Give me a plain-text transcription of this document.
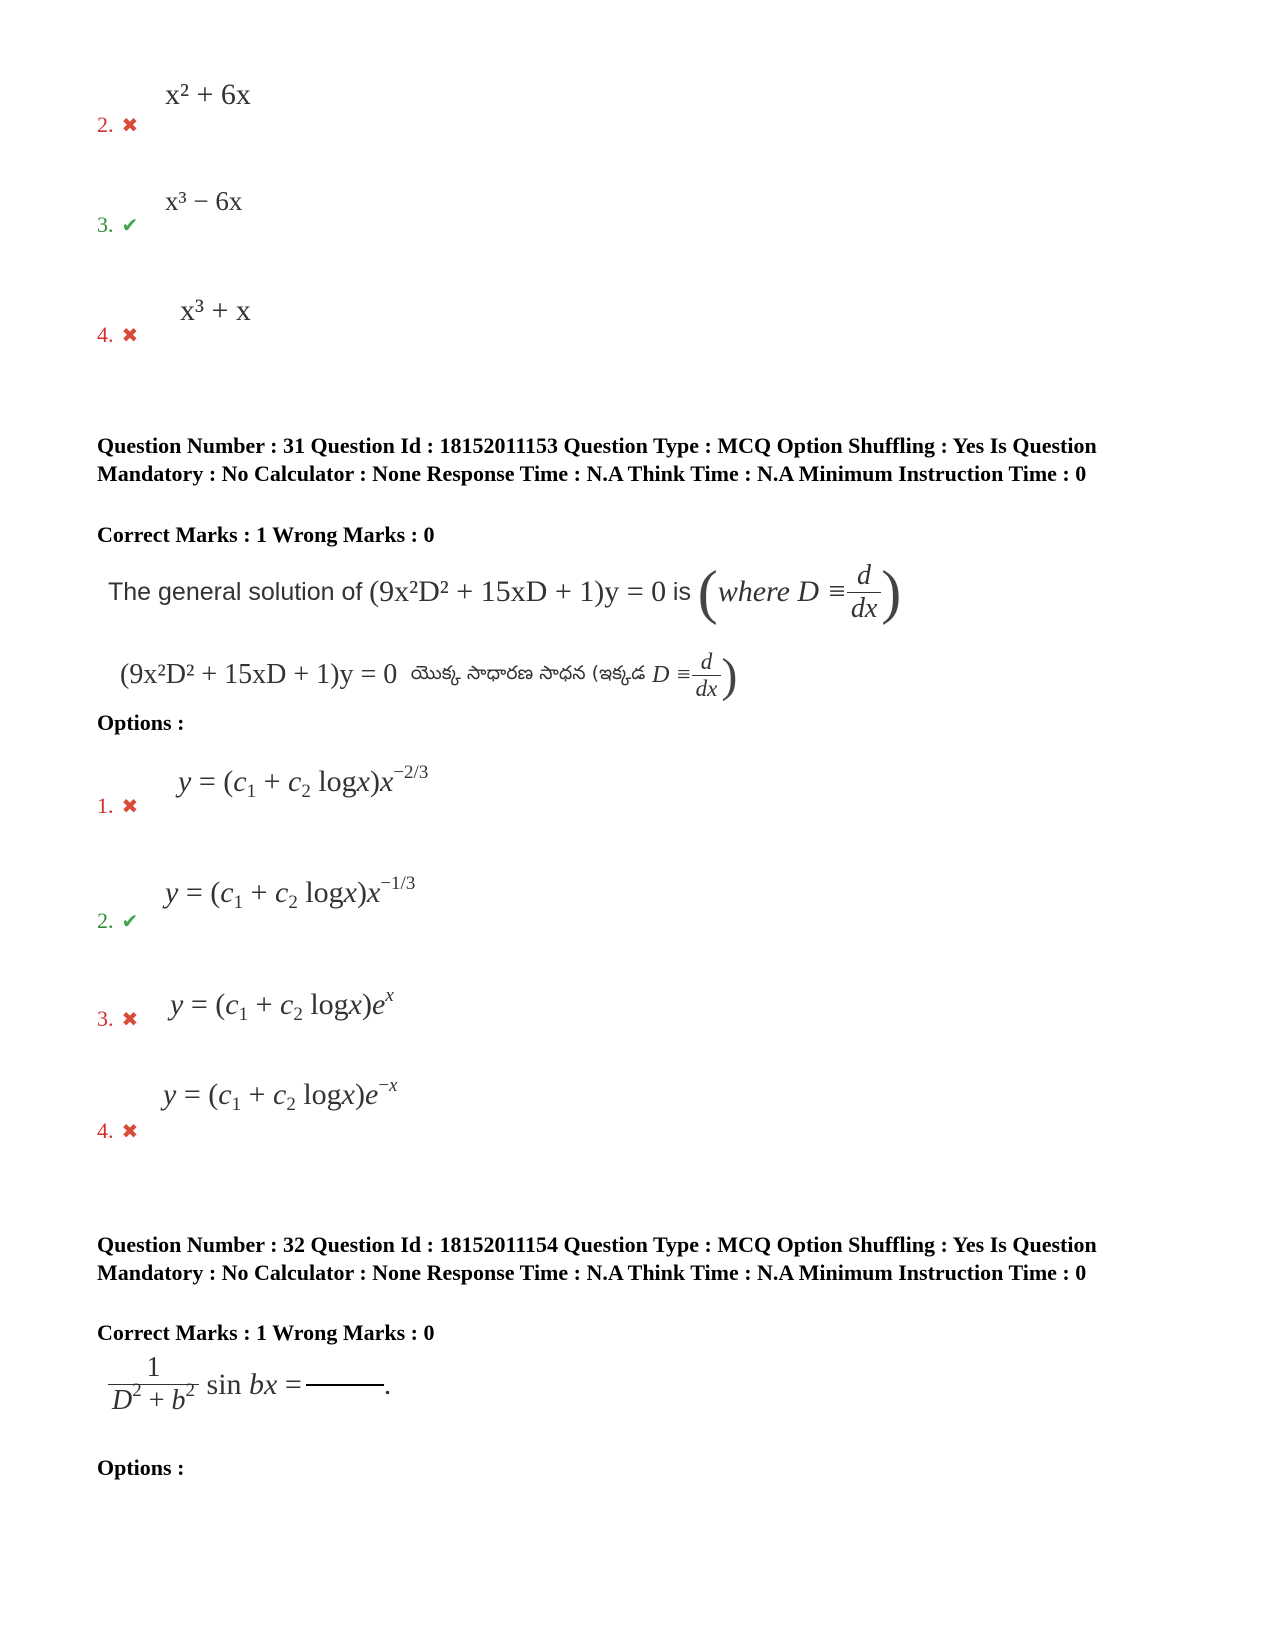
x² + 6x
2. ✖
x³ − 6x
3. ✔
x³ + x
4. ✖
Question Number : 31 Question Id : 18152011153 Question Type : MCQ Option Shuffling : Yes Is Question Mandatory : No Calculator : None Response Time : N.A Think Time : N.A Minimum Instruction Time : 0
Correct Marks : 1 Wrong Marks : 0
The general solution of
(9x²D² + 15xD + 1)y = 0
is
( where $D \equiv \frac{d}{dx}$ )
(9x²D² + 15xD + 1)y = 0
యొక్క సాధారణ సాధన (ఇక్కడ
$D \equiv \frac{d}{dx}$ )
Options :
$y = (c_1 + c_2$ $\log x)x^{-2/3}$
1. ✖
$y = (c_1 + c_2$ $\log x)x^{-1/3}$
2. ✔
$y = (c_1 + c_2$ $\log x)e^x$
3. ✖
$y = (c_1 + c_2$ $\log x)e^{-x}$
4. ✖
Question Number : 32 Question Id : 18152011154 Question Type : MCQ Option Shuffling : Yes Is Question Mandatory : No Calculator : None Response Time : N.A Think Time : N.A Minimum Instruction Time : 0
Correct Marks : 1 Wrong Marks : 0
$\frac{1}{D^2 + b^2}$
sin bx =	.
Options :
